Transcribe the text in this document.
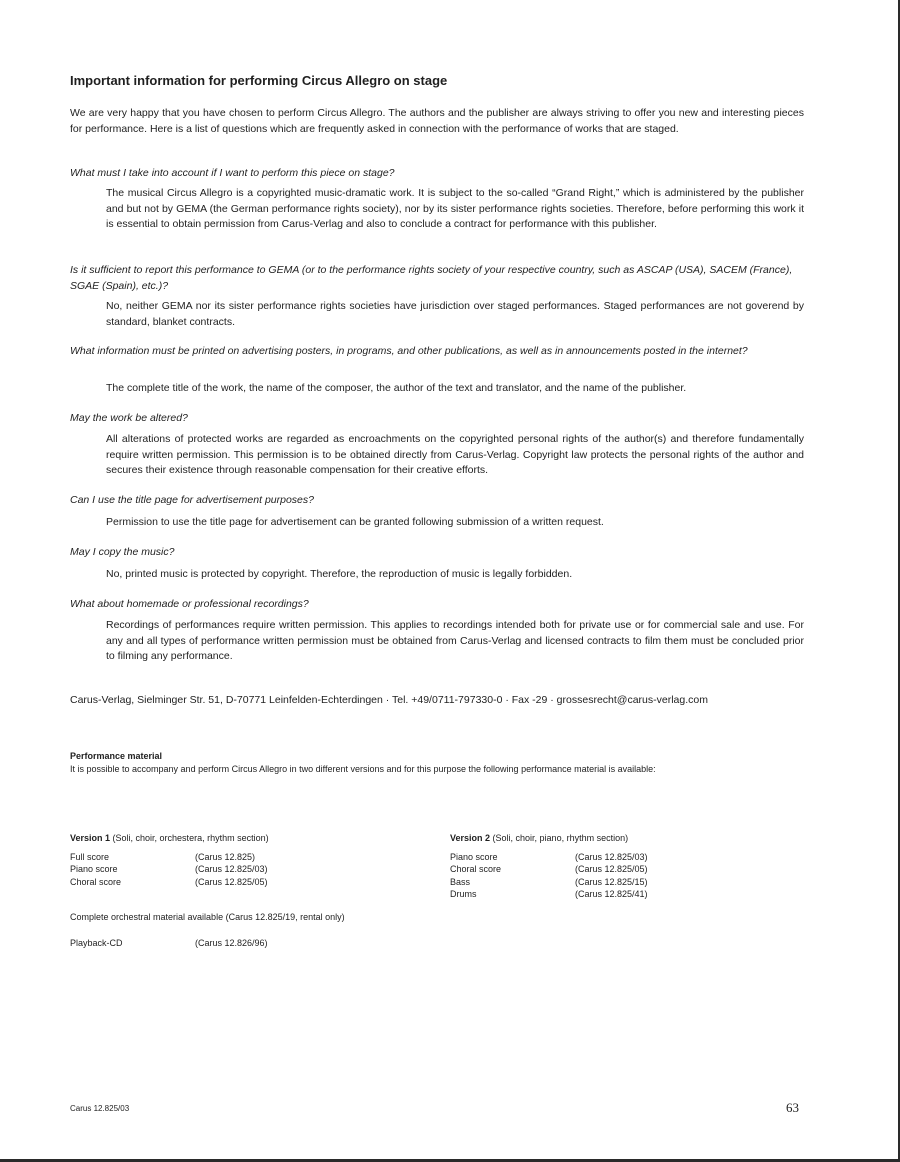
Important information for performing Circus Allegro on stage

We are very happy that you have chosen to perform Circus Allegro. The authors and the publisher are always striving to offer you new and interesting pieces for performance. Here is a list of questions which are frequently asked in connection with the performance of works that are staged.

What must I take into account if I want to perform this piece on stage?

The musical Circus Allegro is a copyrighted music-dramatic work. It is subject to the so-called “Grand Right,” which is administered by the publisher and but not by GEMA (the German performance rights society), nor by its sister performance rights societies. Therefore, before performing this work it is essential to obtain permission from Carus-Verlag and also to conclude a contract for performance with this publisher.

Is it sufficient to report this performance to GEMA (or to the performance rights society of your respective country, such as ASCAP (USA), SACEM (France), SGAE (Spain), etc.)?

No, neither GEMA nor its sister performance rights societies have jurisdiction over staged performances. Staged performances are not goverend by standard, blanket contracts.

What information must be printed on advertising posters, in programs, and other publications, as well as in announcements posted in the internet?

The complete title of the work, the name of the composer, the author of the text and translator, and the name of the publisher.

May the work be altered?

All alterations of protected works are regarded as encroachments on the copyrighted personal rights of the author(s) and therefore fundamentally require written permission. This permission is to be obtained directly from Carus-Verlag. Copyright law protects the personal rights of the author and secures their existence through reasonable compensation for their creative efforts.

Can I use the title page for advertisement purposes?

Permission to use the title page for advertisement can be granted following submission of a written request.

May I copy the music?

No, printed music is protected by copyright. Therefore, the reproduction of music is legally forbidden.

What about homemade or professional recordings?

Recordings of performances require written permission. This applies to recordings intended both for private use or for commercial sale and use. For any and all types of performance written permission must be obtained from Carus-Verlag and licensed contracts to film them must be concluded prior to filming any performance.

Carus-Verlag, Sielminger Str. 51, D-70771 Leinfelden-Echterdingen · Tel. +49/0711-797330-0 · Fax -29 · grossesrecht@carus-verlag.com
Performance material
It is possible to accompany and perform Circus Allegro in two different versions and for this purpose the following performance material is available:
Version 1 (Soli, choir, orchestera, rhythm section)
Full score	(Carus 12.825)
Piano score	(Carus 12.825/03)
Choral score	(Carus 12.825/05)
Version 2 (Soli, choir, piano, rhythm section)
Piano score	(Carus 12.825/03)
Choral score	(Carus 12.825/05)
Bass	(Carus 12.825/15)
Drums	(Carus 12.825/41)
Complete orchestral material available (Carus 12.825/19, rental only)
Playback-CD	(Carus 12.826/96)
Carus 12.825/03	63
